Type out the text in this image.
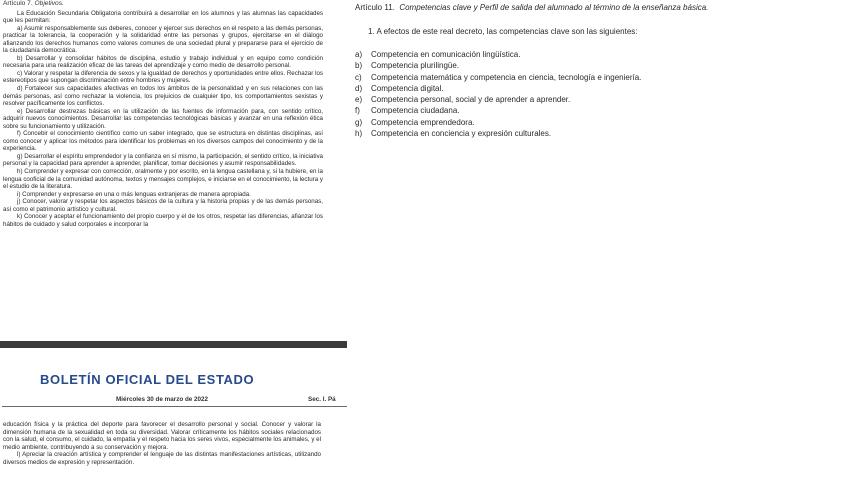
Artículo 7. Objetivos.

La Educación Secundaria Obligatoria contribuirá a desarrollar en los alumnos y las alumnas las capacidades que les permitan:

a) Asumir responsablemente sus deberes, conocer y ejercer sus derechos en el respeto a las demás personas, practicar la tolerancia, la cooperación y la solidaridad entre las personas y grupos, ejercitarse en el diálogo afianzando los derechos humanos como valores comunes de una sociedad plural y prepararse para el ejercicio de la ciudadanía democrática.

b) Desarrollar y consolidar hábitos de disciplina, estudio y trabajo individual y en equipo como condición necesaria para una realización eficaz de las tareas del aprendizaje y como medio de desarrollo personal.

c) Valorar y respetar la diferencia de sexos y la igualdad de derechos y oportunidades entre ellos. Rechazar los estereotipos que supongan discriminación entre hombres y mujeres.

d) Fortalecer sus capacidades afectivas en todos los ámbitos de la personalidad y en sus relaciones con las demás personas, así como rechazar la violencia, los prejuicios de cualquier tipo, los comportamientos sexistas y resolver pacíficamente los conflictos.

e) Desarrollar destrezas básicas en la utilización de las fuentes de información para, con sentido crítico, adquirir nuevos conocimientos. Desarrollar las competencias tecnológicas básicas y avanzar en una reflexión ética sobre su funcionamiento y utilización.

f) Concebir el conocimiento científico como un saber integrado, que se estructura en distintas disciplinas, así como conocer y aplicar los métodos para identificar los problemas en los diversos campos del conocimiento y de la experiencia.

g) Desarrollar el espíritu emprendedor y la confianza en sí mismo, la participación, el sentido crítico, la iniciativa personal y la capacidad para aprender a aprender, planificar, tomar decisiones y asumir responsabilidades.

h) Comprender y expresar con corrección, oralmente y por escrito, en la lengua castellana y, si la hubiere, en la lengua cooficial de la comunidad autónoma, textos y mensajes complejos, e iniciarse en el conocimiento, la lectura y el estudio de la literatura.

i) Comprender y expresarse en una o más lenguas extranjeras de manera apropiada.

j) Conocer, valorar y respetar los aspectos básicos de la cultura y la historia propias y de las demás personas, así como el patrimonio artístico y cultural.

k) Conocer y aceptar el funcionamiento del propio cuerpo y el de los otros, respetar las diferencias, afianzar los hábitos de cuidado y salud corporales e incorporar la

BOLETÍN OFICIAL DEL ESTADO
Miércoles 30 de marzo de 2022	Sec. I. Pá

educación física y la práctica del deporte para favorecer el desarrollo personal y social. Conocer y valorar la dimensión humana de la sexualidad en toda su diversidad. Valorar críticamente los hábitos sociales relacionados con la salud, el consumo, el cuidado, la empatía y el respeto hacia los seres vivos, especialmente los animales, y el medio ambiente, contribuyendo a su conservación y mejora.

l) Apreciar la creación artística y comprender el lenguaje de las distintas manifestaciones artísticas, utilizando diversos medios de expresión y representación.

Artículo 11. Competencias clave y Perfil de salida del alumnado al término de la enseñanza básica.
1. A efectos de este real decreto, las competencias clave son las siguientes:
a) Competencia en comunicación lingüística.
b) Competencia plurilingüe.
c) Competencia matemática y competencia en ciencia, tecnología e ingeniería.
d) Competencia digital.
e) Competencia personal, social y de aprender a aprender.
f) Competencia ciudadana.
g) Competencia emprendedora.
h) Competencia en conciencia y expresión culturales.
